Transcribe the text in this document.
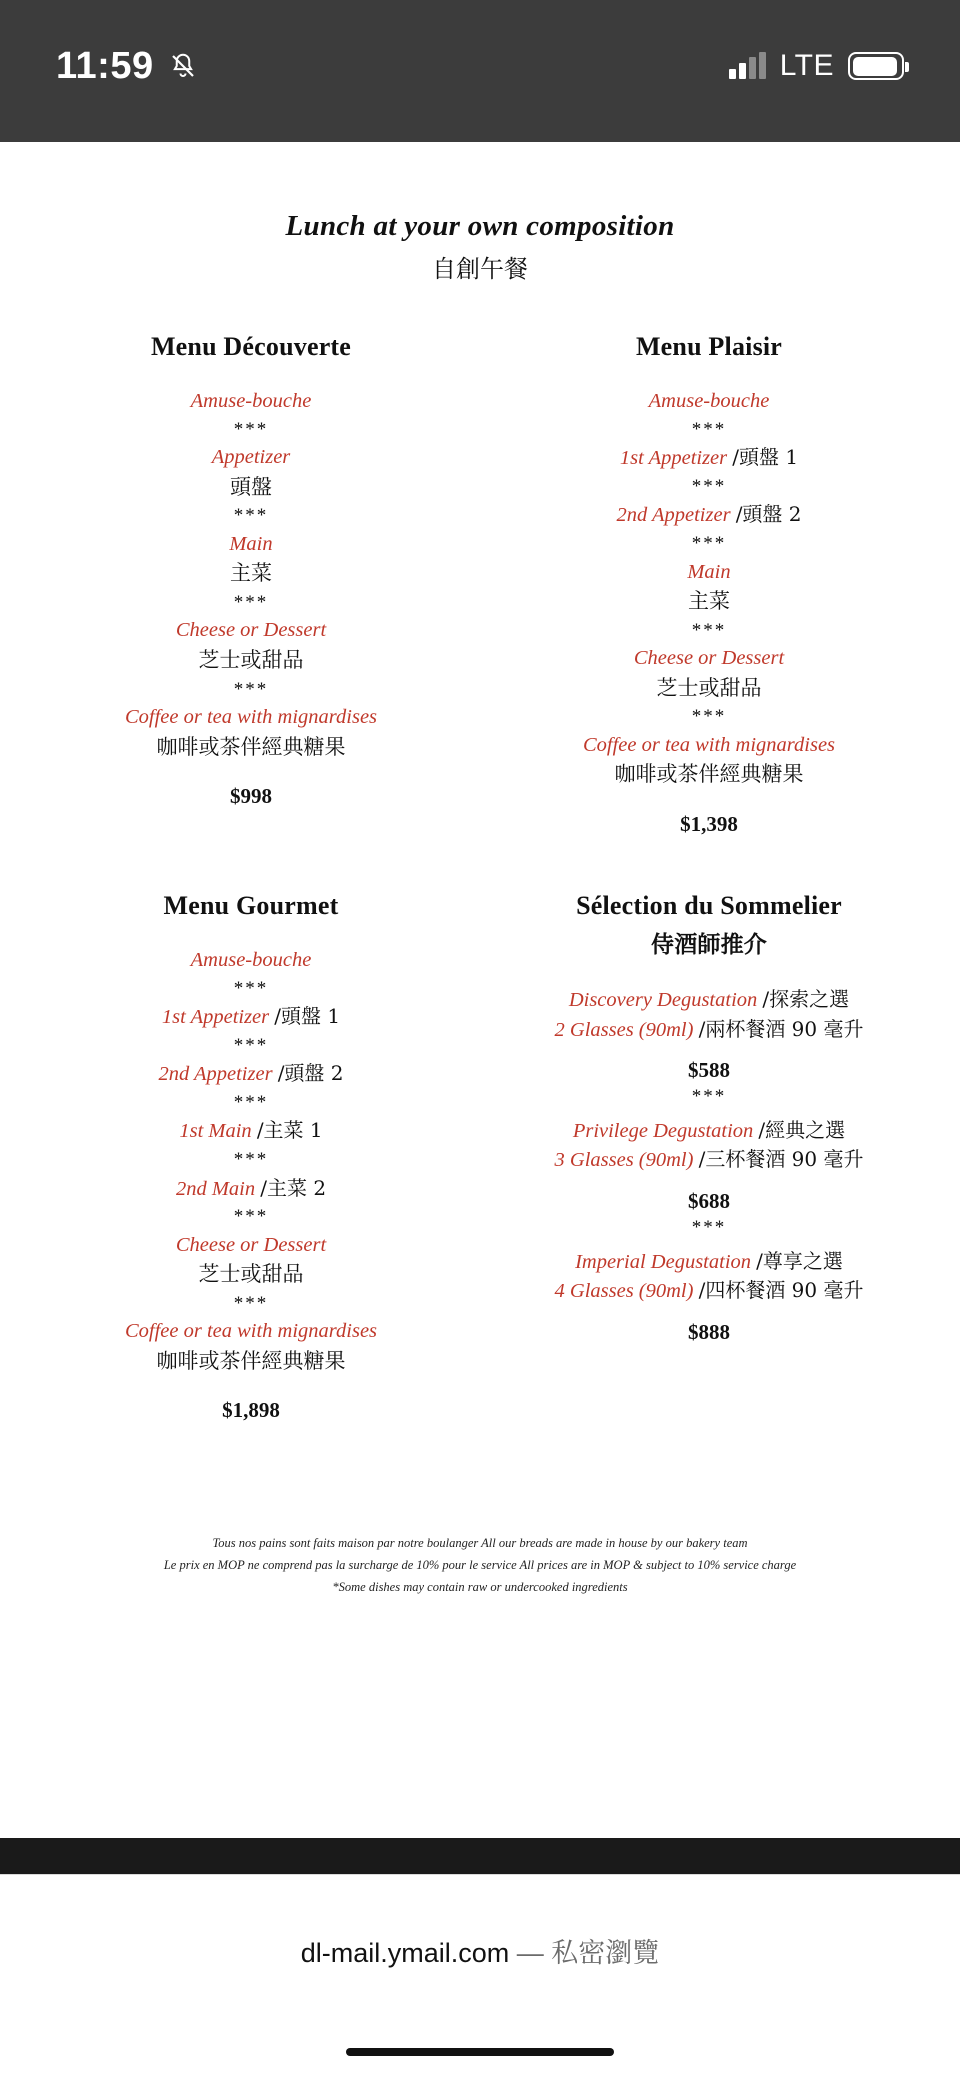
11:59	LTE
Lunch at your own composition
自創午餐
Menu Découverte
Amuse-bouche
***
Appetizer
頭盤
***
Main
主菜
***
Cheese or Dessert
芝士或甜品
***
Coffee or tea with mignardises
咖啡或茶伴經典糖果
$998
Menu Plaisir
Amuse-bouche
***
1st Appetizer /頭盤 1
***
2nd Appetizer /頭盤 2
***
Main
主菜
***
Cheese or Dessert
芝士或甜品
***
Coffee or tea with mignardises
咖啡或茶伴經典糖果
$1,398
Menu Gourmet
Amuse-bouche
***
1st Appetizer /頭盤 1
***
2nd Appetizer /頭盤 2
***
1st Main /主菜 1
***
2nd Main /主菜 2
***
Cheese or Dessert
芝士或甜品
***
Coffee or tea with mignardises
咖啡或茶伴經典糖果
$1,898
Sélection du Sommelier
侍酒師推介
Discovery Degustation /探索之選
2 Glasses (90ml) /兩杯餐酒 90 毫升
$588
***
Privilege Degustation /經典之選
3 Glasses (90ml) /三杯餐酒 90 毫升
$688
***
Imperial Degustation /尊享之選
4 Glasses (90ml) /四杯餐酒 90 毫升
$888
Tous nos pains sont faits maison par notre boulanger All our breads are made in house by our bakery team
Le prix en MOP ne comprend pas la surcharge de 10% pour le service All prices are in MOP & subject to 10% service charge
*Some dishes may contain raw or undercooked ingredients
dl-mail.ymail.com — 私密瀏覽
